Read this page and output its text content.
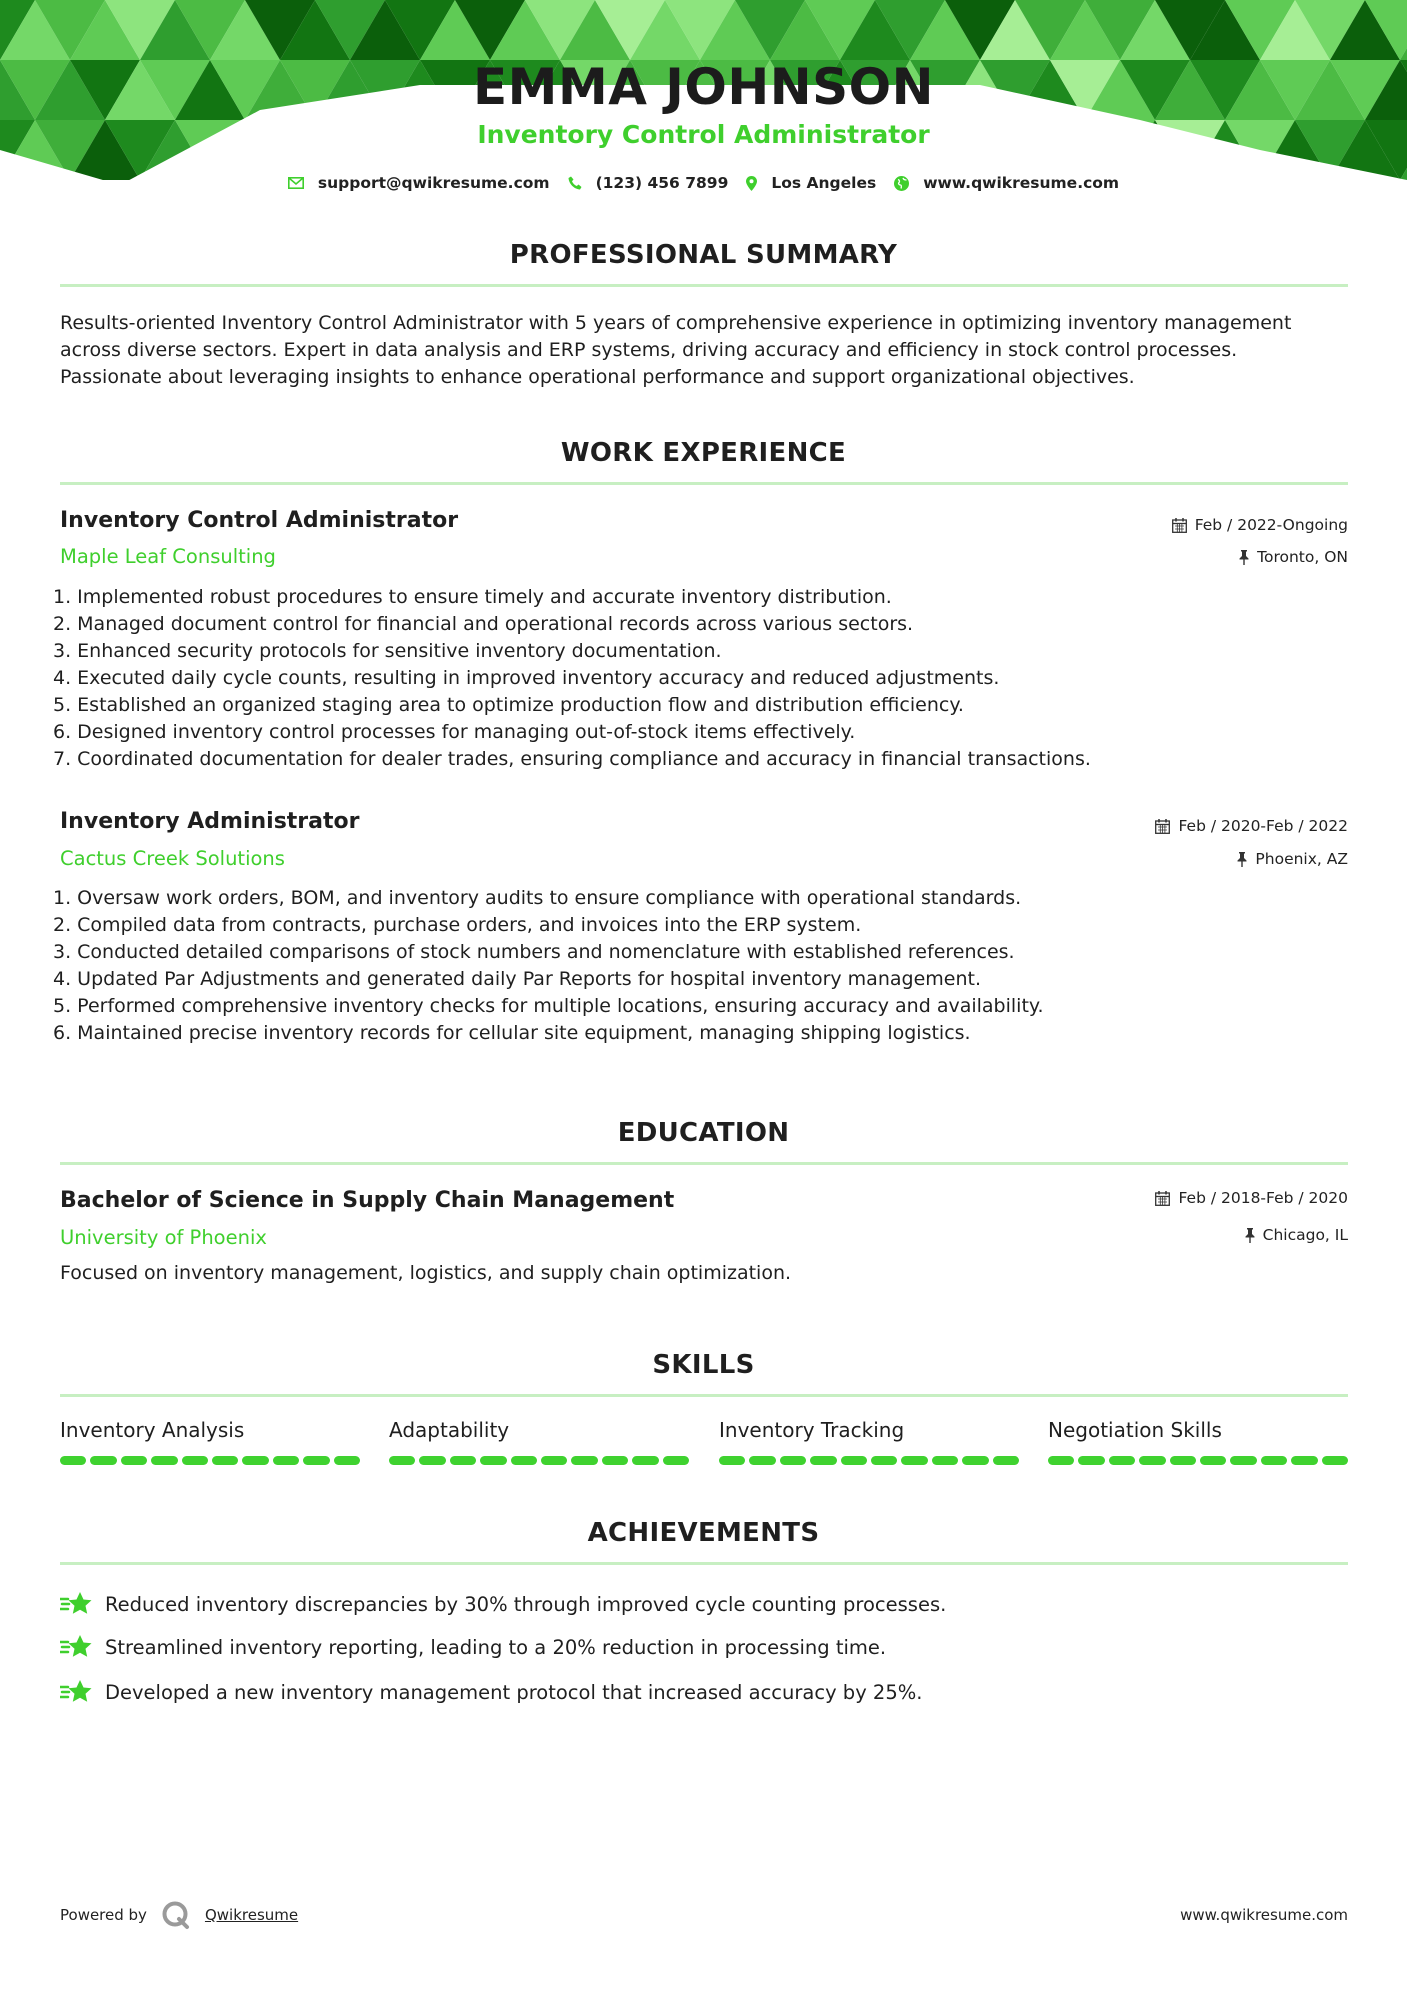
EMMA JOHNSON
Inventory Control Administrator
support@qwikresume.com	(123) 456 7899	Los Angeles	www.qwikresume.com
PROFESSIONAL SUMMARY
Results-oriented Inventory Control Administrator with 5 years of comprehensive experience in optimizing inventory management
across diverse sectors. Expert in data analysis and ERP systems, driving accuracy and efficiency in stock control processes.
Passionate about leveraging insights to enhance operational performance and support organizational objectives.
WORK EXPERIENCE
Inventory Control Administrator
Maple Leaf Consulting
Feb / 2022-Ongoing
Toronto, ON
1. Implemented robust procedures to ensure timely and accurate inventory distribution.
2. Managed document control for financial and operational records across various sectors.
3. Enhanced security protocols for sensitive inventory documentation.
4. Executed daily cycle counts, resulting in improved inventory accuracy and reduced adjustments.
5. Established an organized staging area to optimize production flow and distribution efficiency.
6. Designed inventory control processes for managing out-of-stock items effectively.
7. Coordinated documentation for dealer trades, ensuring compliance and accuracy in financial transactions.
Inventory Administrator
Cactus Creek Solutions
Feb / 2020-Feb / 2022
Phoenix, AZ
1. Oversaw work orders, BOM, and inventory audits to ensure compliance with operational standards.
2. Compiled data from contracts, purchase orders, and invoices into the ERP system.
3. Conducted detailed comparisons of stock numbers and nomenclature with established references.
4. Updated Par Adjustments and generated daily Par Reports for hospital inventory management.
5. Performed comprehensive inventory checks for multiple locations, ensuring accuracy and availability.
6. Maintained precise inventory records for cellular site equipment, managing shipping logistics.
EDUCATION
Bachelor of Science in Supply Chain Management
University of Phoenix
Feb / 2018-Feb / 2020
Chicago, IL
Focused on inventory management, logistics, and supply chain optimization.
SKILLS
Inventory Analysis	Adaptability	Inventory Tracking	Negotiation Skills
ACHIEVEMENTS
Reduced inventory discrepancies by 30% through improved cycle counting processes.
Streamlined inventory reporting, leading to a 20% reduction in processing time.
Developed a new inventory management protocol that increased accuracy by 25%.
Powered by	Qwikresume	www.qwikresume.com
